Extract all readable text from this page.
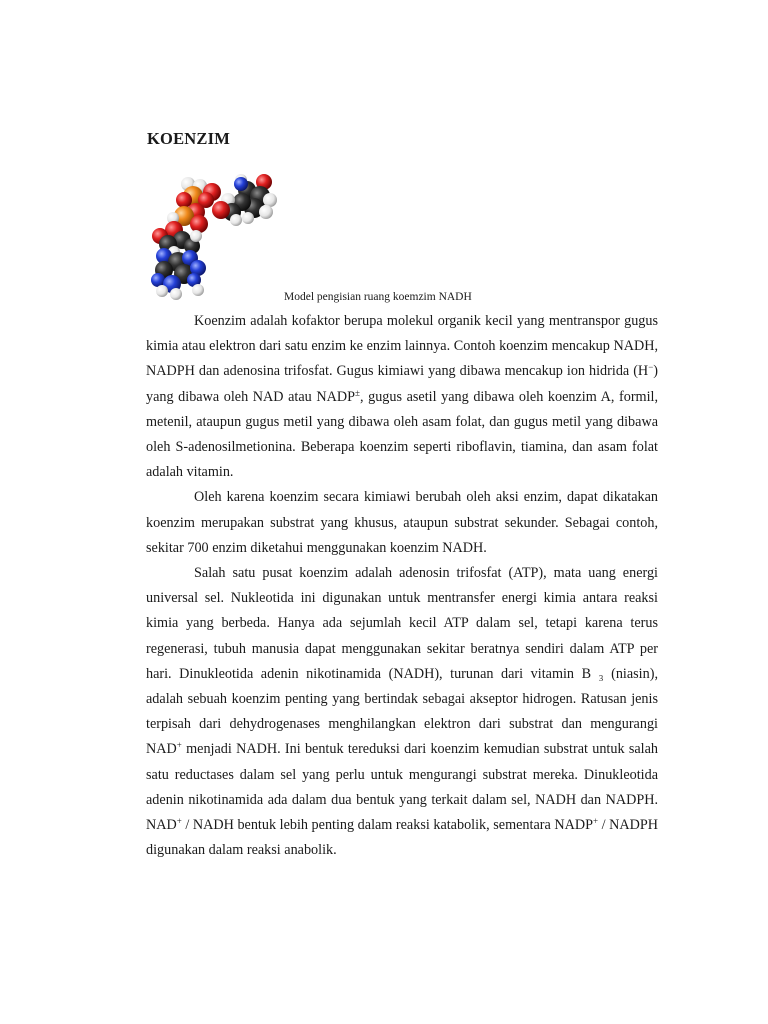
KOENZIM
Model pengisian ruang koemzim NADH

Koenzim adalah kofaktor berupa molekul organik kecil yang mentranspor gugus kimia atau elektron dari satu enzim ke enzim lainnya. Contoh koenzim mencakup NADH, NADPH dan adenosina trifosfat. Gugus kimiawi yang dibawa mencakup ion hidrida (H−) yang dibawa oleh NAD atau NADP±, gugus asetil yang dibawa oleh koenzim A, formil, metenil, ataupun gugus metil yang dibawa oleh asam folat, dan gugus metil yang dibawa oleh S-adenosilmetionina. Beberapa koenzim seperti riboflavin, tiamina, dan asam folat adalah vitamin.

Oleh karena koenzim secara kimiawi berubah oleh aksi enzim, dapat dikatakan koenzim merupakan substrat yang khusus, ataupun substrat sekunder. Sebagai contoh, sekitar 700 enzim diketahui menggunakan koenzim NADH.

Salah satu pusat koenzim adalah adenosin trifosfat (ATP), mata uang energi universal sel. Nukleotida ini digunakan untuk mentransfer energi kimia antara reaksi kimia yang berbeda. Hanya ada sejumlah kecil ATP dalam sel, tetapi karena terus regenerasi, tubuh manusia dapat menggunakan sekitar beratnya sendiri dalam ATP per hari. Dinukleotida adenin nikotinamida (NADH), turunan dari vitamin B ₃ (niasin), adalah sebuah koenzim penting yang bertindak sebagai akseptor hidrogen. Ratusan jenis terpisah dari dehydrogenases menghilangkan elektron dari substrat dan mengurangi NAD+ menjadi NADH. Ini bentuk tereduksi dari koenzim kemudian substrat untuk salah satu reductases dalam sel yang perlu untuk mengurangi substrat mereka. Dinukleotida adenin nikotinamida ada dalam dua bentuk yang terkait dalam sel, NADH dan NADPH. NAD+ / NADH bentuk lebih penting dalam reaksi katabolik, sementara NADP+ / NADPH digunakan dalam reaksi anabolik.
